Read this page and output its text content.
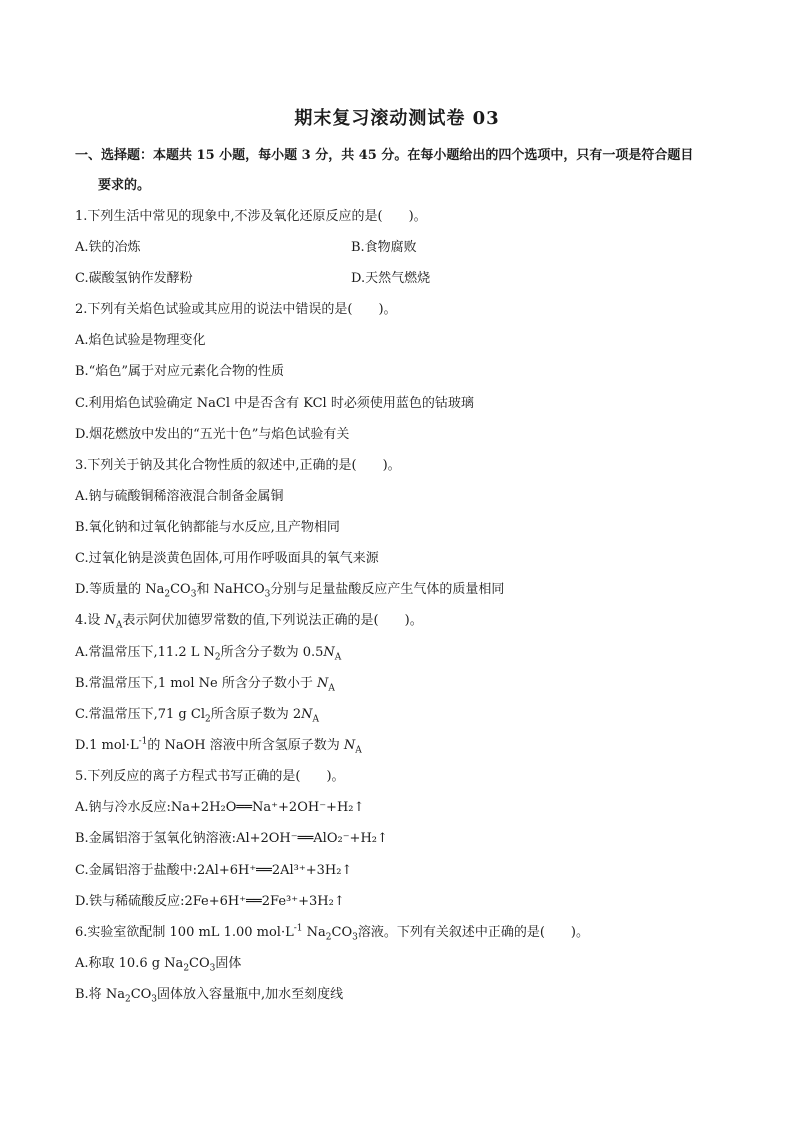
期末复习滚动测试卷 03
一、选择题：本题共 15 小题，每小题 3 分，共 45 分。在每小题给出的四个选项中，只有一项是符合题目
要求的。
1.下列生活中常见的现象中,不涉及氧化还原反应的是(　　)。
A.铁的冶炼	B.食物腐败
C.碳酸氢钠作发酵粉	D.天然气燃烧
2.下列有关焰色试验或其应用的说法中错误的是(　　)。
A.焰色试验是物理变化
B.“焰色”属于对应元素化合物的性质
C.利用焰色试验确定 NaCl 中是否含有 KCl 时必须使用蓝色的钴玻璃
D.烟花燃放中发出的“五光十色”与焰色试验有关
3.下列关于钠及其化合物性质的叙述中,正确的是(　　)。
A.钠与硫酸铜稀溶液混合制备金属铜
B.氧化钠和过氧化钠都能与水反应,且产物相同
C.过氧化钠是淡黄色固体,可用作呼吸面具的氧气来源
D.等质量的 $Na_2CO_3$和 NaHCO$_3$分别与足量盐酸反应产生气体的质量相同
4.设 $N_A$表示阿伏加德罗常数的值,下列说法正确的是(　　)。
A.常温常压下,11.2 L $N_2$所含分子数为 $0.5N_A$
B.常温常压下,1 mol Ne 所含分子数小于 $N_A$
C.常温常压下,71 g $Cl_2$所含原子数为 $2N_A$
D.1 $mol\cdot L^{-1}$的 NaOH 溶液中所含氢原子数为 $N_A$
5.下列反应的离子方程式书写正确的是(　　)。
A.钠与冷水反应:Na+2H₂O══Na⁺+2OH⁻+H₂↑
B.金属铝溶于氢氧化钠溶液:Al+2OH⁻══AlO₂⁻+H₂↑
C.金属铝溶于盐酸中:2Al+6H⁺══2Al³⁺+3H₂↑
D.铁与稀硫酸反应:2Fe+6H⁺══2Fe³⁺+3H₂↑
6.实验室欲配制 100 mL 1.00 $mol\cdot L^{-1}$ $Na_2CO_3$溶液。下列有关叙述中正确的是(　　)。
A.称取 10.6 g $Na_2CO_3$固体
B.将 $Na_2CO_3$固体放入容量瓶中,加水至刻度线
